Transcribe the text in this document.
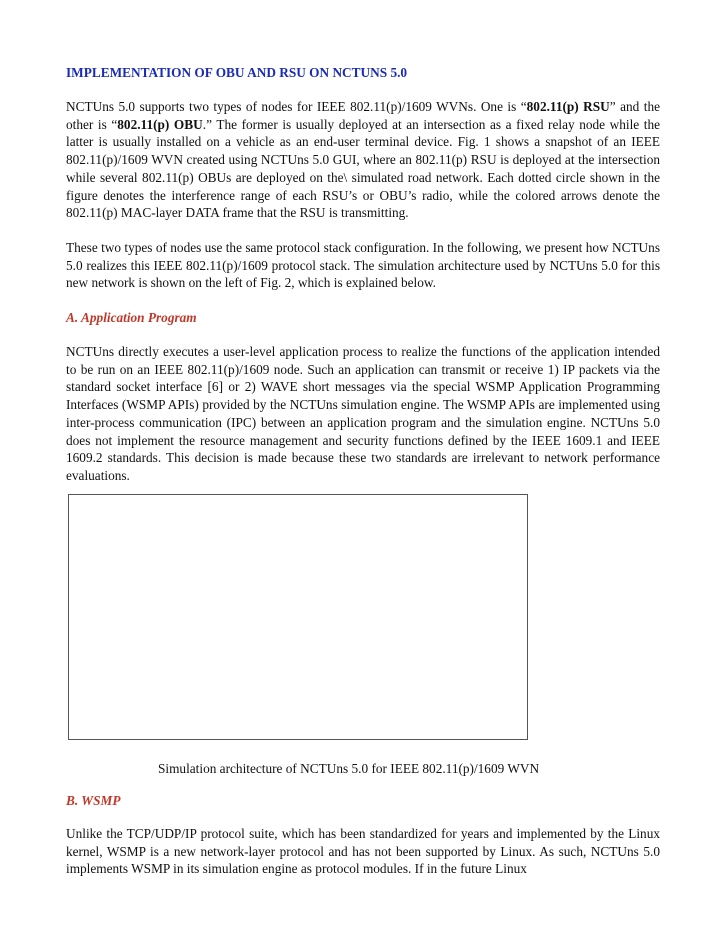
IMPLEMENTATION OF OBU AND RSU ON NCTUNS 5.0

NCTUns 5.0 supports two types of nodes for IEEE 802.11(p)/1609 WVNs. One is “802.11(p) RSU” and the other is “802.11(p) OBU.” The former is usually deployed at an intersection as a fixed relay node while the latter is usually installed on a vehicle as an end-user terminal device. Fig. 1 shows a snapshot of an IEEE 802.11(p)/1609 WVN created using NCTUns 5.0 GUI, where an 802.11(p) RSU is deployed at the intersection while several 802.11(p) OBUs are deployed on the\ simulated road network. Each dotted circle shown in the figure denotes the interference range of each RSU’s or OBU’s radio, while the colored arrows denote the 802.11(p) MAC-layer DATA frame that the RSU is transmitting.

These two types of nodes use the same protocol stack configuration. In the following, we present how NCTUns 5.0 realizes this IEEE 802.11(p)/1609 protocol stack. The simulation architecture used by NCTUns 5.0 for this new network is shown on the left of Fig. 2, which is explained below.

A. Application Program

NCTUns directly executes a user-level application process to realize the functions of the application intended to be run on an IEEE 802.11(p)/1609 node. Such an application can transmit or receive 1) IP packets via the standard socket interface [6] or 2) WAVE short messages via the special WSMP Application Programming Interfaces (WSMP APIs) provided by the NCTUns simulation engine. The WSMP APIs are implemented using inter-process communication (IPC) between an application program and the simulation engine. NCTUns 5.0 does not implement the resource management and security functions defined by the IEEE 1609.1 and IEEE 1609.2 standards. This decision is made because these two standards are irrelevant to network performance evaluations.

Simulation architecture of NCTUns 5.0 for IEEE 802.11(p)/1609 WVN
B. WSMP

Unlike the TCP/UDP/IP protocol suite, which has been standardized for years and implemented by the Linux kernel, WSMP is a new network-layer protocol and has not been supported by Linux. As such, NCTUns 5.0 implements WSMP in its simulation engine as protocol modules. If in the future Linux
